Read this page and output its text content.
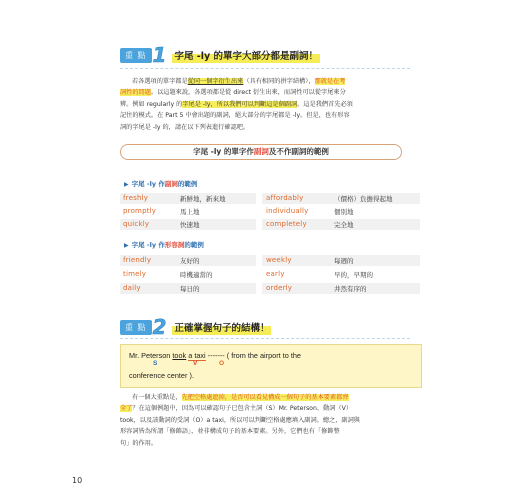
重 點 1 字尾 -ly 的單字大部分都是副詞！
若各選項的單字都是從同一個字衍生出來（具有相同的拼字結構），那就是在考
詞性的問題。以這題來說，各選項都是從 direct 衍生出來，而詞性可以從字尾來分
辨。例如 regularly 的字尾是 -ly，所以我們可以判斷這是個副詞。這是我們首先必須
記住的模式。在 Part 5 中會出題的副詞，絕大部分的字尾都是 -ly。但是，也有形容
詞的字尾是 -ly 的，請在以下列表進行確認吧。
字尾 -ly 的單字作副詞及不作副詞的範例
▶ 字尾 -ly 作副詞的範例
freshly	新鮮地，新來地	affordably	（價格）負擔得起地
promptly	馬上地	individually	個別地
quickly	快速地	completely	完全地
▶ 字尾 -ly 作形容詞的範例
friendly	友好的	weekly	每週的
timely	時機適當的	early	早的，早期的
daily	每日的	orderly	井然有序的
重 點 2 正確掌握句子的結構！
Mr. Peterson took a taxi ------- ( from the airport to the
S	V	O
conference center ).
有一個大重點是，先把空格處遮掉，是否可以看見構成一個句子的基本要素都齊
全了？在這個例題中，因為可以確認句子已包含主詞（S）Mr. Peterson、動詞（V）
took，以及該動詞的受詞（O）a taxi，所以可以判斷空格處應填入副詞。總之，副詞與
形容詞皆為所謂「修飾語」，並非構成句子的基本要素。另外，它們也有「修飾整
句」的作用。
10
